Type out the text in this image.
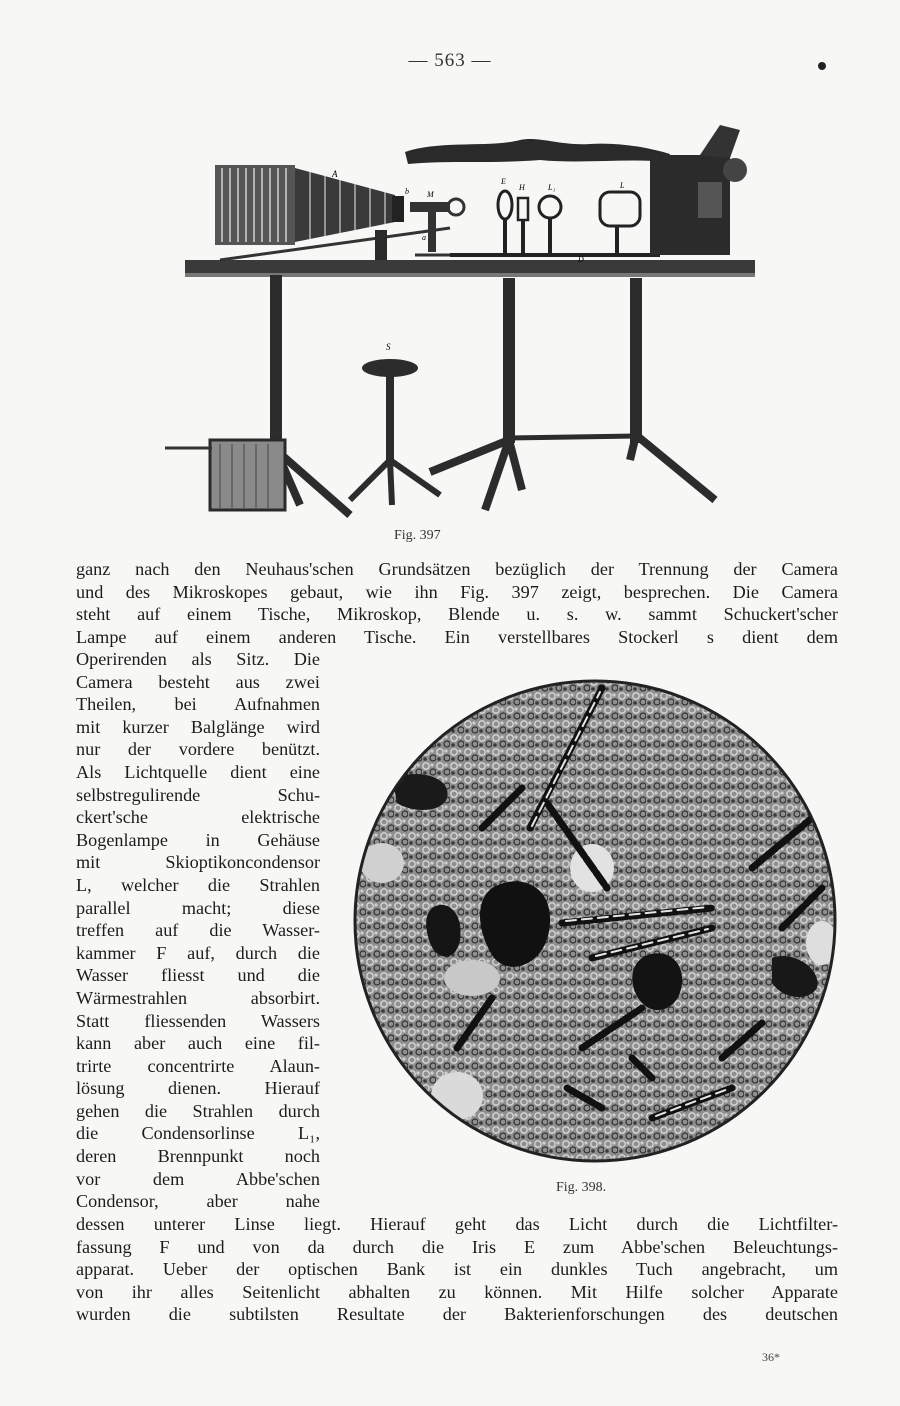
— 563 —
A
b M
E
H	L₁	L
D
S
a
Fig. 397
ganz nach den Neuhaus'schen Grundsätzen bezüglich der Trennung der Camera
und des Mikroskopes gebaut, wie ihn Fig. 397 zeigt, besprechen. Die Camera
steht auf einem Tische, Mikroskop, Blende u. s. w. sammt Schuckert'scher
Lampe auf einem anderen Tische. Ein verstellbares Stockerl s dient dem
Operirenden als Sitz. Die
Camera besteht aus zwei
Theilen, bei Aufnahmen
mit kurzer Balglänge wird
nur der vordere benützt.
Als Lichtquelle dient eine
selbstregulirende Schu-
ckert'sche elektrische
Bogenlampe in Gehäuse
mit Skioptikoncondensor
L, welcher die Strahlen
parallel macht; diese
treffen auf die Wasser-
kammer F auf, durch die
Wasser fliesst und die
Wärmestrahlen absorbirt.
Statt fliessenden Wassers
kann aber auch eine fil-
trirte concentrirte Alaun-
lösung dienen. Hierauf
gehen die Strahlen durch
die Condensorlinse L₁,
deren Brennpunkt noch
vor dem Abbe'schen
Condensor, aber nahe
Fig. 398.
dessen unterer Linse liegt. Hierauf geht das Licht durch die Lichtfilter-
fassung F und von da durch die Iris E zum Abbe'schen Beleuchtungs-
apparat. Ueber der optischen Bank ist ein dunkles Tuch angebracht, um
von ihr alles Seitenlicht abhalten zu können. Mit Hilfe solcher Apparate
wurden die subtilsten Resultate der Bakterienforschungen des deutschen
36*
